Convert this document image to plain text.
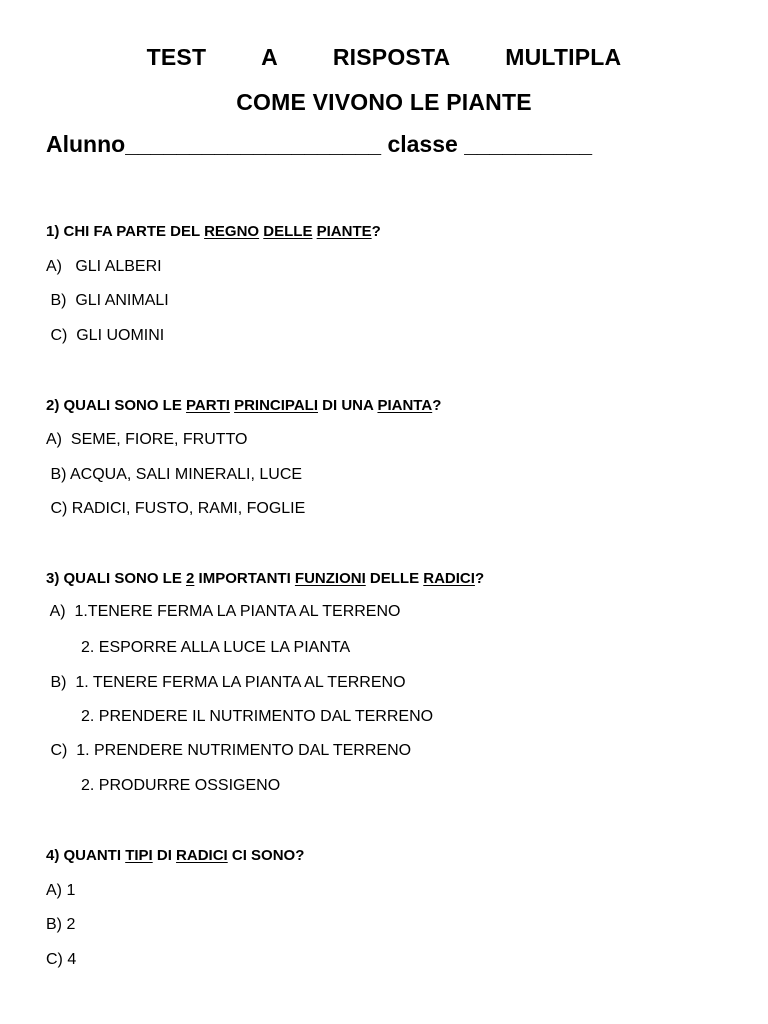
TEST   A   RISPOSTA   MULTIPLA
COME VIVONO LE PIANTE
Alunno____________________ classe __________
1) CHI FA PARTE DEL REGNO DELLE PIANTE?
A)   GLI ALBERI
B)  GLI ANIMALI
C)  GLI UOMINI
2) QUALI SONO LE PARTI PRINCIPALI DI UNA PIANTA?
A)  SEME, FIORE, FRUTTO
B) ACQUA, SALI MINERALI, LUCE
C) RADICI, FUSTO, RAMI, FOGLIE
3) QUALI SONO LE 2 IMPORTANTI FUNZIONI DELLE RADICI?
A)  1.TENERE FERMA LA PIANTA AL TERRENO
2. ESPORRE ALLA LUCE LA PIANTA
B)  1. TENERE FERMA LA PIANTA AL TERRENO
2. PRENDERE IL NUTRIMENTO DAL TERRENO
C)  1. PRENDERE NUTRIMENTO DAL TERRENO
2. PRODURRE OSSIGENO
4) QUANTI TIPI DI RADICI CI SONO?
A) 1
B) 2
C) 4
